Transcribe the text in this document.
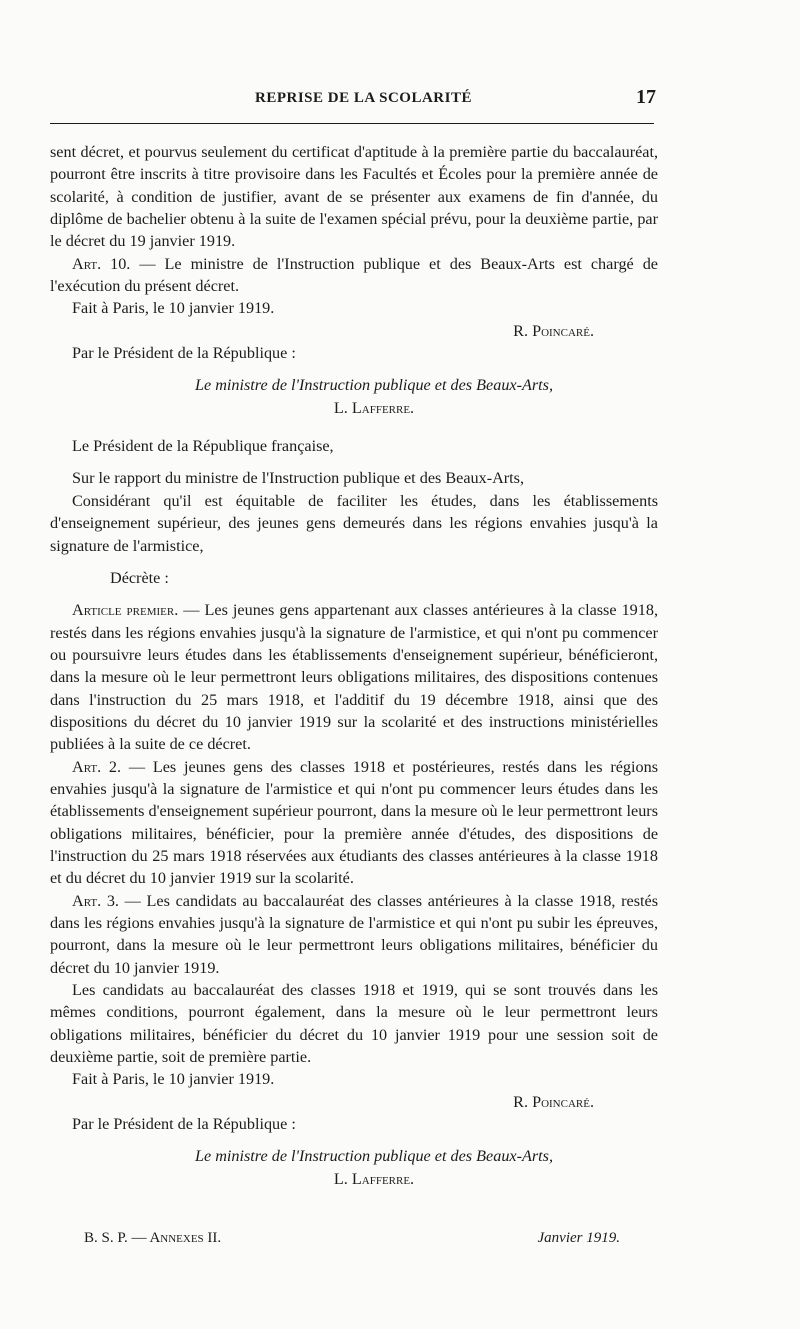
REPRISE DE LA SCOLARITÉ	17

sent décret, et pourvus seulement du certificat d'aptitude à la première partie du baccalauréat, pourront être inscrits à titre provisoire dans les Facultés et Écoles pour la première année de scolarité, à condition de justifier, avant de se présenter aux examens de fin d'année, du diplôme de bachelier obtenu à la suite de l'examen spécial prévu, pour la deuxième partie, par le décret du 19 janvier 1919.

Art. 10. — Le ministre de l'Instruction publique et des Beaux-Arts est chargé de l'exécution du présent décret.

Fait à Paris, le 10 janvier 1919.

R. Poincaré.

Par le Président de la République :

Le ministre de l'Instruction publique et des Beaux-Arts,

L. Lafferre.

Le Président de la République française,

Sur le rapport du ministre de l'Instruction publique et des Beaux-Arts,

Considérant qu'il est équitable de faciliter les études, dans les établissements d'enseignement supérieur, des jeunes gens demeurés dans les régions envahies jusqu'à la signature de l'armistice,

Décrète :

Article premier. — Les jeunes gens appartenant aux classes antérieures à la classe 1918, restés dans les régions envahies jusqu'à la signature de l'armistice, et qui n'ont pu commencer ou poursuivre leurs études dans les établissements d'enseignement supérieur, bénéficieront, dans la mesure où le leur permettront leurs obligations militaires, des dispositions contenues dans l'instruction du 25 mars 1918, et l'additif du 19 décembre 1918, ainsi que des dispositions du décret du 10 janvier 1919 sur la scolarité et des instructions ministérielles publiées à la suite de ce décret.

Art. 2. — Les jeunes gens des classes 1918 et postérieures, restés dans les régions envahies jusqu'à la signature de l'armistice et qui n'ont pu commencer leurs études dans les établissements d'enseignement supérieur pourront, dans la mesure où le leur permettront leurs obligations militaires, bénéficier, pour la première année d'études, des dispositions de l'instruction du 25 mars 1918 réservées aux étudiants des classes antérieures à la classe 1918 et du décret du 10 janvier 1919 sur la scolarité.

Art. 3. — Les candidats au baccalauréat des classes antérieures à la classe 1918, restés dans les régions envahies jusqu'à la signature de l'armistice et qui n'ont pu subir les épreuves, pourront, dans la mesure où le leur permettront leurs obligations militaires, bénéficier du décret du 10 janvier 1919.

Les candidats au baccalauréat des classes 1918 et 1919, qui se sont trouvés dans les mêmes conditions, pourront également, dans la mesure où le leur permettront leurs obligations militaires, bénéficier du décret du 10 janvier 1919 pour une session soit de deuxième partie, soit de première partie.

Fait à Paris, le 10 janvier 1919.

R. Poincaré.

Par le Président de la République :

Le ministre de l'Instruction publique et des Beaux-Arts,

L. Lafferre.

B. S. P. — Annexes II.	Janvier 1919.
